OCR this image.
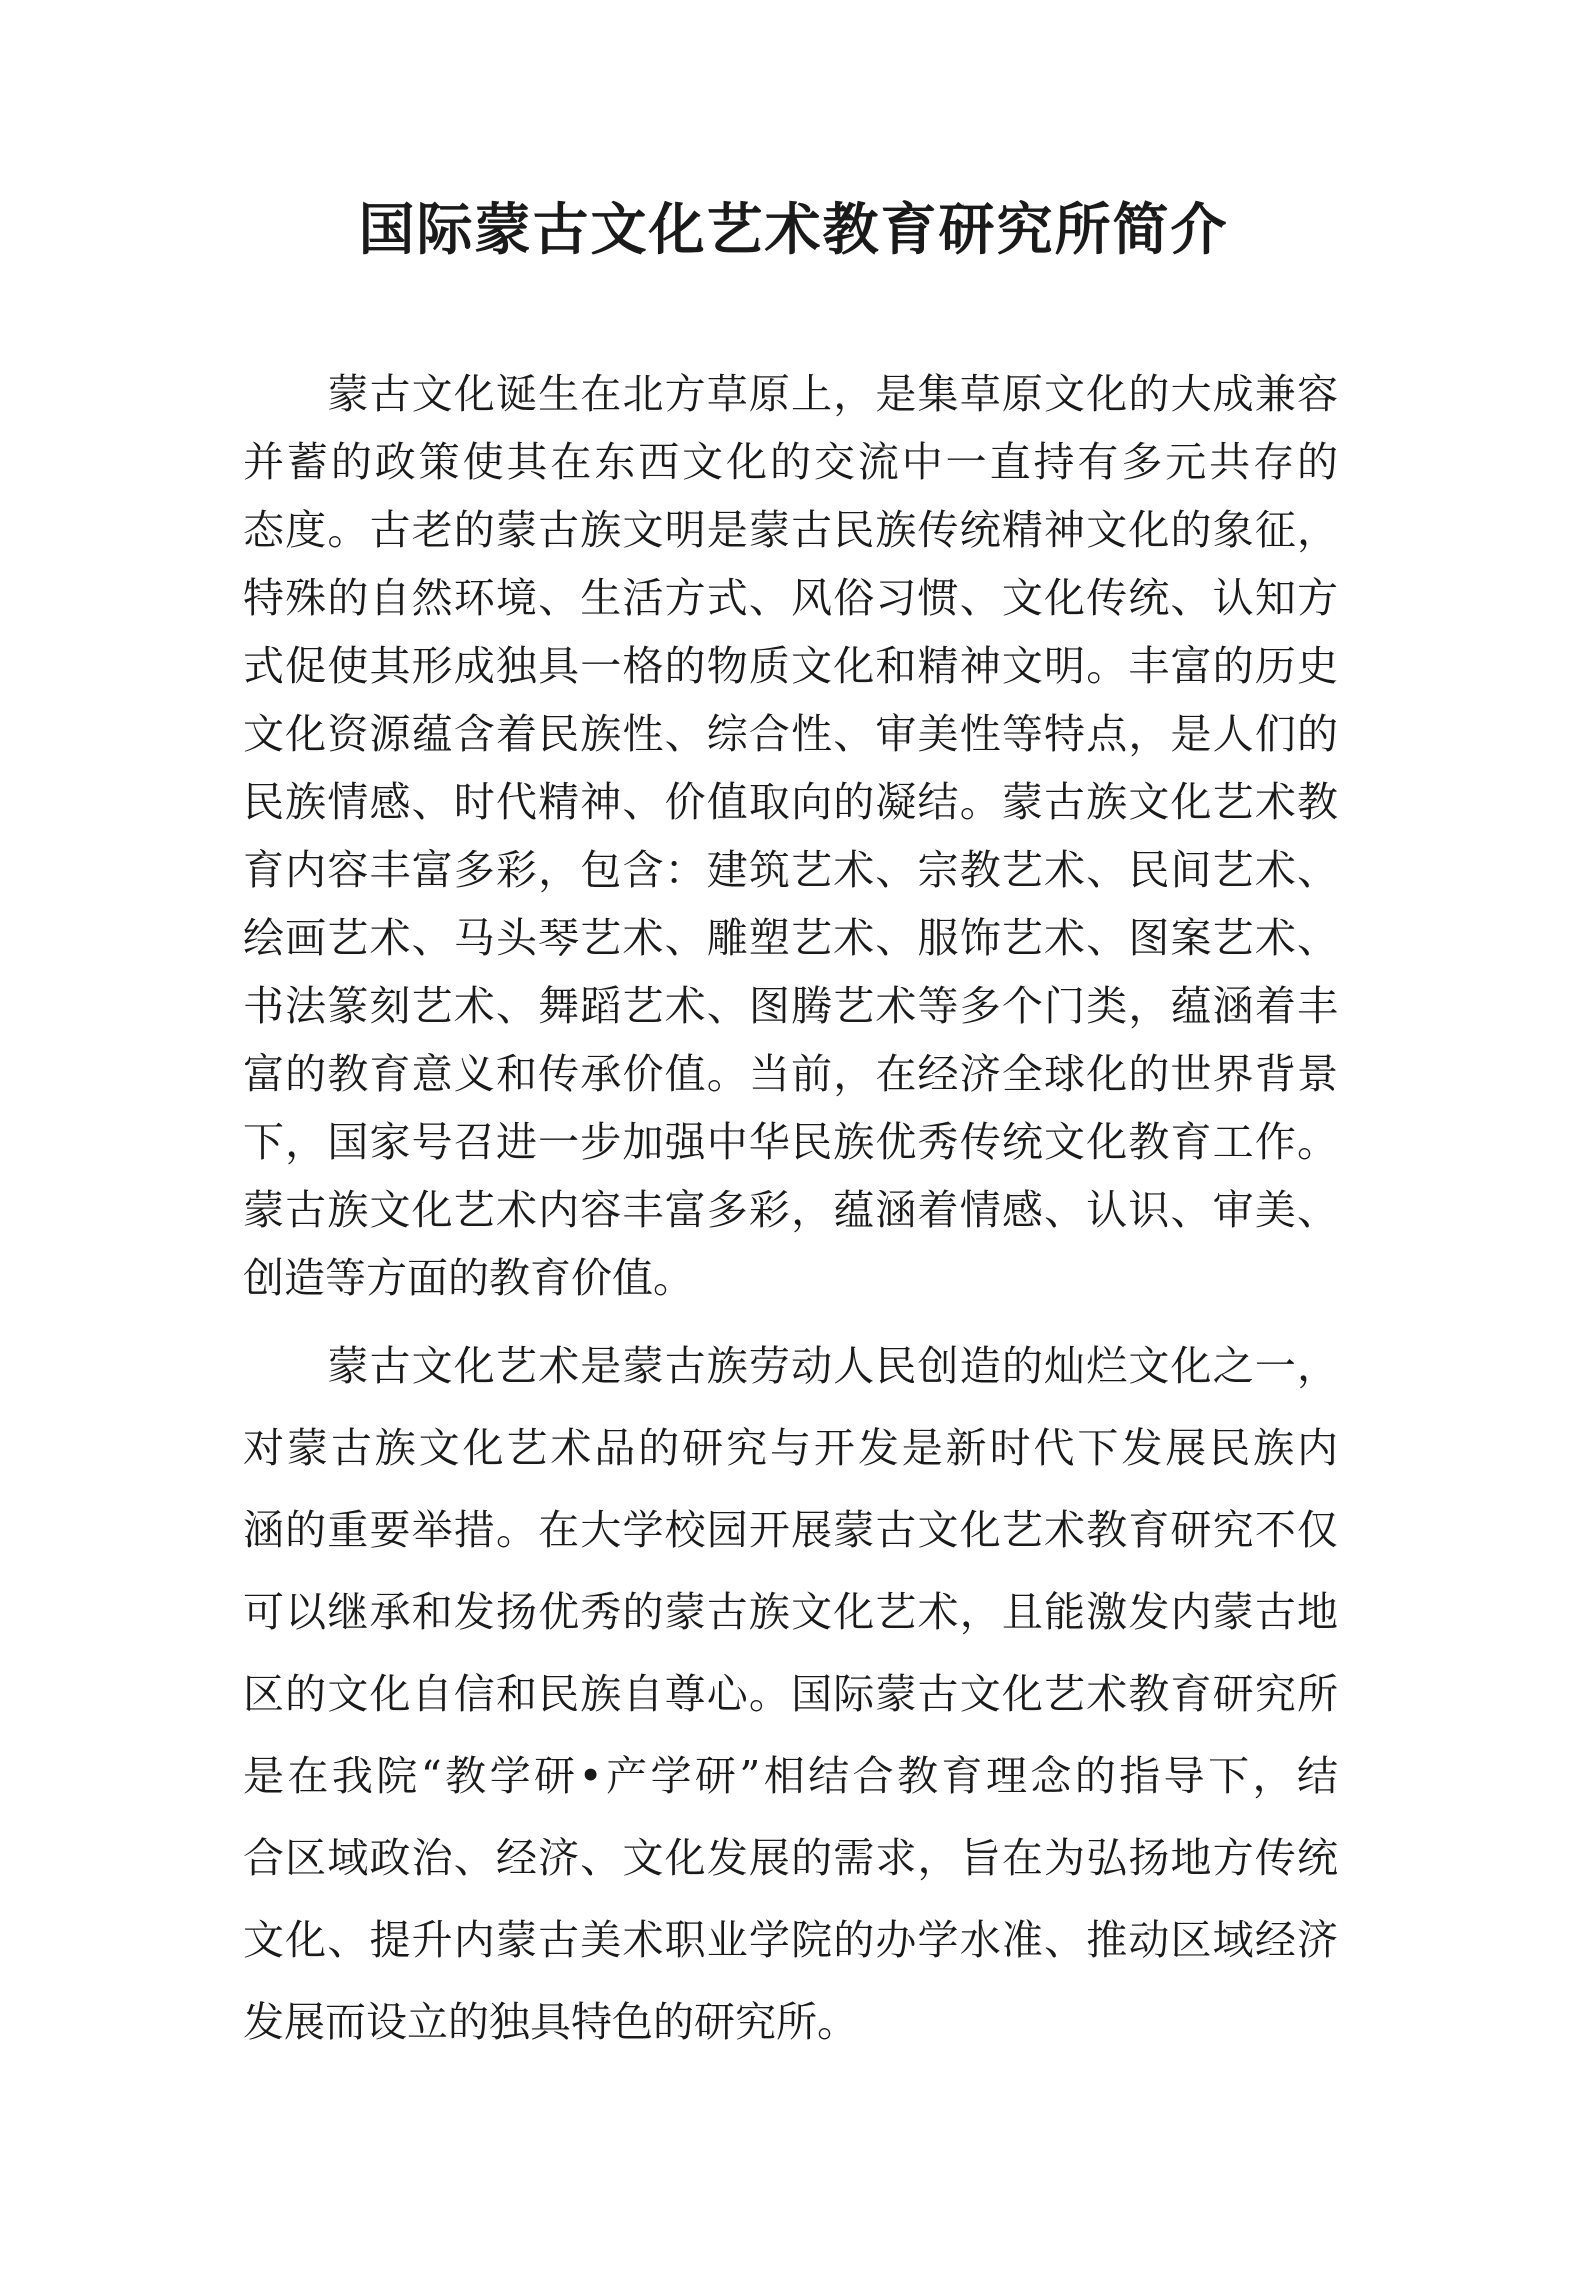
国际蒙古文化艺术教育研究所简介

　　蒙古文化诞生在北方草原上，是集草原文化的大成兼容

并蓄的政策使其在东西文化的交流中一直持有多元共存的

态度。古老的蒙古族文明是蒙古民族传统精神文化的象征，

特殊的自然环境、生活方式、风俗习惯、文化传统、认知方

式促使其形成独具一格的物质文化和精神文明。丰富的历史

文化资源蕴含着民族性、综合性、审美性等特点，是人们的

民族情感、时代精神、价值取向的凝结。蒙古族文化艺术教

育内容丰富多彩，包含：建筑艺术、宗教艺术、民间艺术、

绘画艺术、马头琴艺术、雕塑艺术、服饰艺术、图案艺术、

书法篆刻艺术、舞蹈艺术、图腾艺术等多个门类，蕴涵着丰

富的教育意义和传承价值。当前，在经济全球化的世界背景

下，国家号召进一步加强中华民族优秀传统文化教育工作。

蒙古族文化艺术内容丰富多彩，蕴涵着情感、认识、审美、

创造等方面的教育价值。

　　蒙古文化艺术是蒙古族劳动人民创造的灿烂文化之一，

对蒙古族文化艺术品的研究与开发是新时代下发展民族内

涵的重要举措。在大学校园开展蒙古文化艺术教育研究不仅

可以继承和发扬优秀的蒙古族文化艺术，且能激发内蒙古地

区的文化自信和民族自尊心。国际蒙古文化艺术教育研究所

是在我院“教学研•产学研”相结合教育理念的指导下，结

合区域政治、经济、文化发展的需求，旨在为弘扬地方传统

文化、提升内蒙古美术职业学院的办学水准、推动区域经济

发展而设立的独具特色的研究所。
